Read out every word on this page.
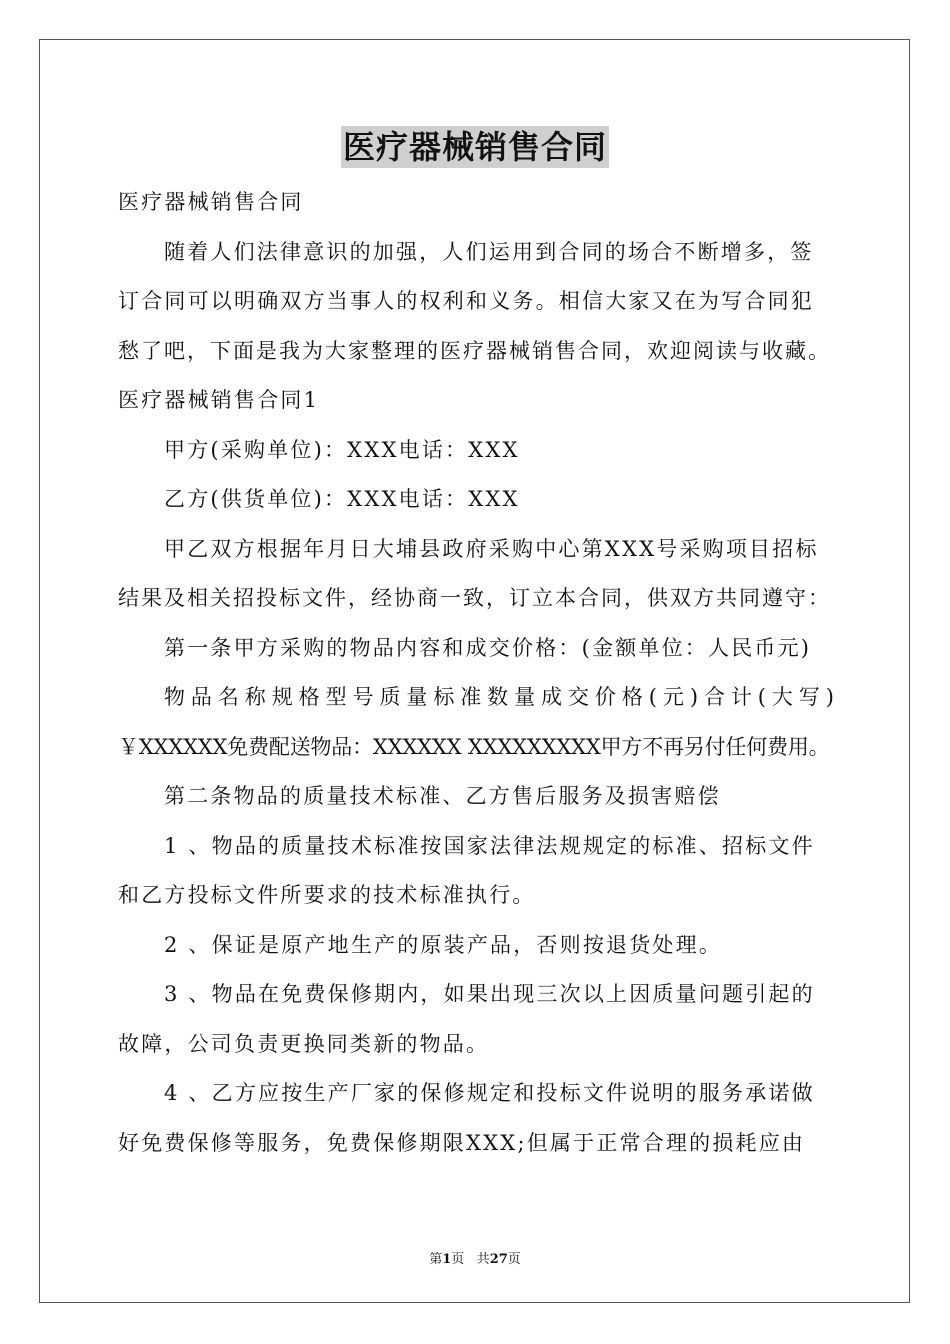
医疗器械销售合同
医疗器械销售合同
随着人们法律意识的加强，人们运用到合同的场合不断增多，签
订合同可以明确双方当事人的权利和义务。相信大家又在为写合同犯
愁了吧，下面是我为大家整理的医疗器械销售合同，欢迎阅读与收藏。
医疗器械销售合同1
甲方(采购单位)：XXX电话：XXX
乙方(供货单位)：XXX电话：XXX
甲乙双方根据年月日大埔县政府采购中心第XXX号采购项目招标
结果及相关招投标文件，经协商一致，订立本合同，供双方共同遵守：
第一条甲方采购的物品内容和成交价格：(金额单位：人民币元)
物品名称规格型号质量标准数量成交价格(元)合计(大写)
￥XXXXXX免费配送物品：XXXXXX XXXXXXXXX甲方不再另付任何费用。
第二条物品的质量技术标准、乙方售后服务及损害赔偿
1 、物品的质量技术标准按国家法律法规规定的标准、招标文件
和乙方投标文件所要求的技术标准执行。
2 、保证是原产地生产的原装产品，否则按退货处理。
3 、物品在免费保修期内，如果出现三次以上因质量问题引起的
故障，公司负责更换同类新的物品。
4 、乙方应按生产厂家的保修规定和投标文件说明的服务承诺做
好免费保修等服务，免费保修期限XXX;但属于正常合理的损耗应由
第1页 共27页
